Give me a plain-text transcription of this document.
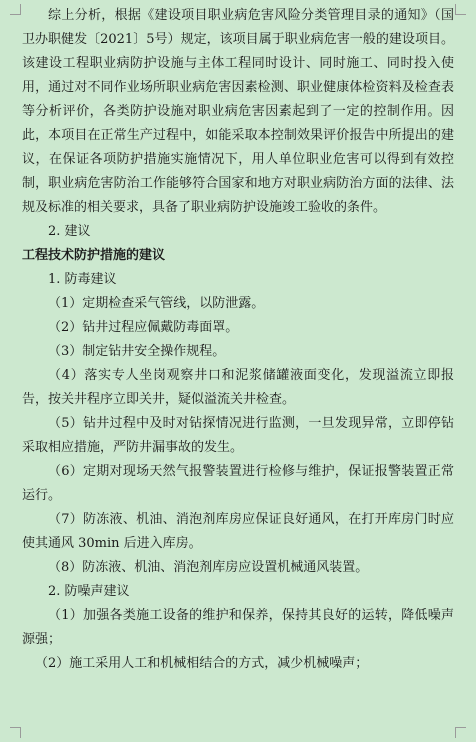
综上分析，根据《建设项目职业病危害风险分类管理目录的通知》（国卫办职健发〔2021〕5号）规定，该项目属于职业病危害一般的建设项目。该建设工程职业病防护设施与主体工程同时设计、同时施工、同时投入使用，通过对不同作业场所职业病危害因素检测、职业健康体检资料及检查表等分析评价，各类防护设施对职业病危害因素起到了一定的控制作用。因此，本项目在正常生产过程中，如能采取本控制效果评价报告中所提出的建议，在保证各项防护措施实施情况下，用人单位职业危害可以得到有效控制，职业病危害防治工作能够符合国家和地方对职业病防治方面的法律、法规及标准的相关要求，具备了职业病防护设施竣工验收的条件。

2. 建议

工程技术防护措施的建议

1. 防毒建议

（1）定期检查采气管线，以防泄露。

（2）钻井过程应佩戴防毒面罩。

（3）制定钻井安全操作规程。

（4）落实专人坐岗观察井口和泥浆储罐液面变化，发现溢流立即报告，按关井程序立即关井，疑似溢流关井检查。

（5）钻井过程中及时对钻探情况进行监测，一旦发现异常，立即停钻采取相应措施，严防井漏事故的发生。

（6）定期对现场天然气报警装置进行检修与维护，保证报警装置正常运行。

（7）防冻液、机油、消泡剂库房应保证良好通风，在打开库房门时应使其通风 30min 后进入库房。

（8）防冻液、机油、消泡剂库房应设置机械通风装置。

2. 防噪声建议

（1）加强各类施工设备的维护和保养，保持其良好的运转，降低噪声源强；

（2）施工采用人工和机械相结合的方式，减少机械噪声；
